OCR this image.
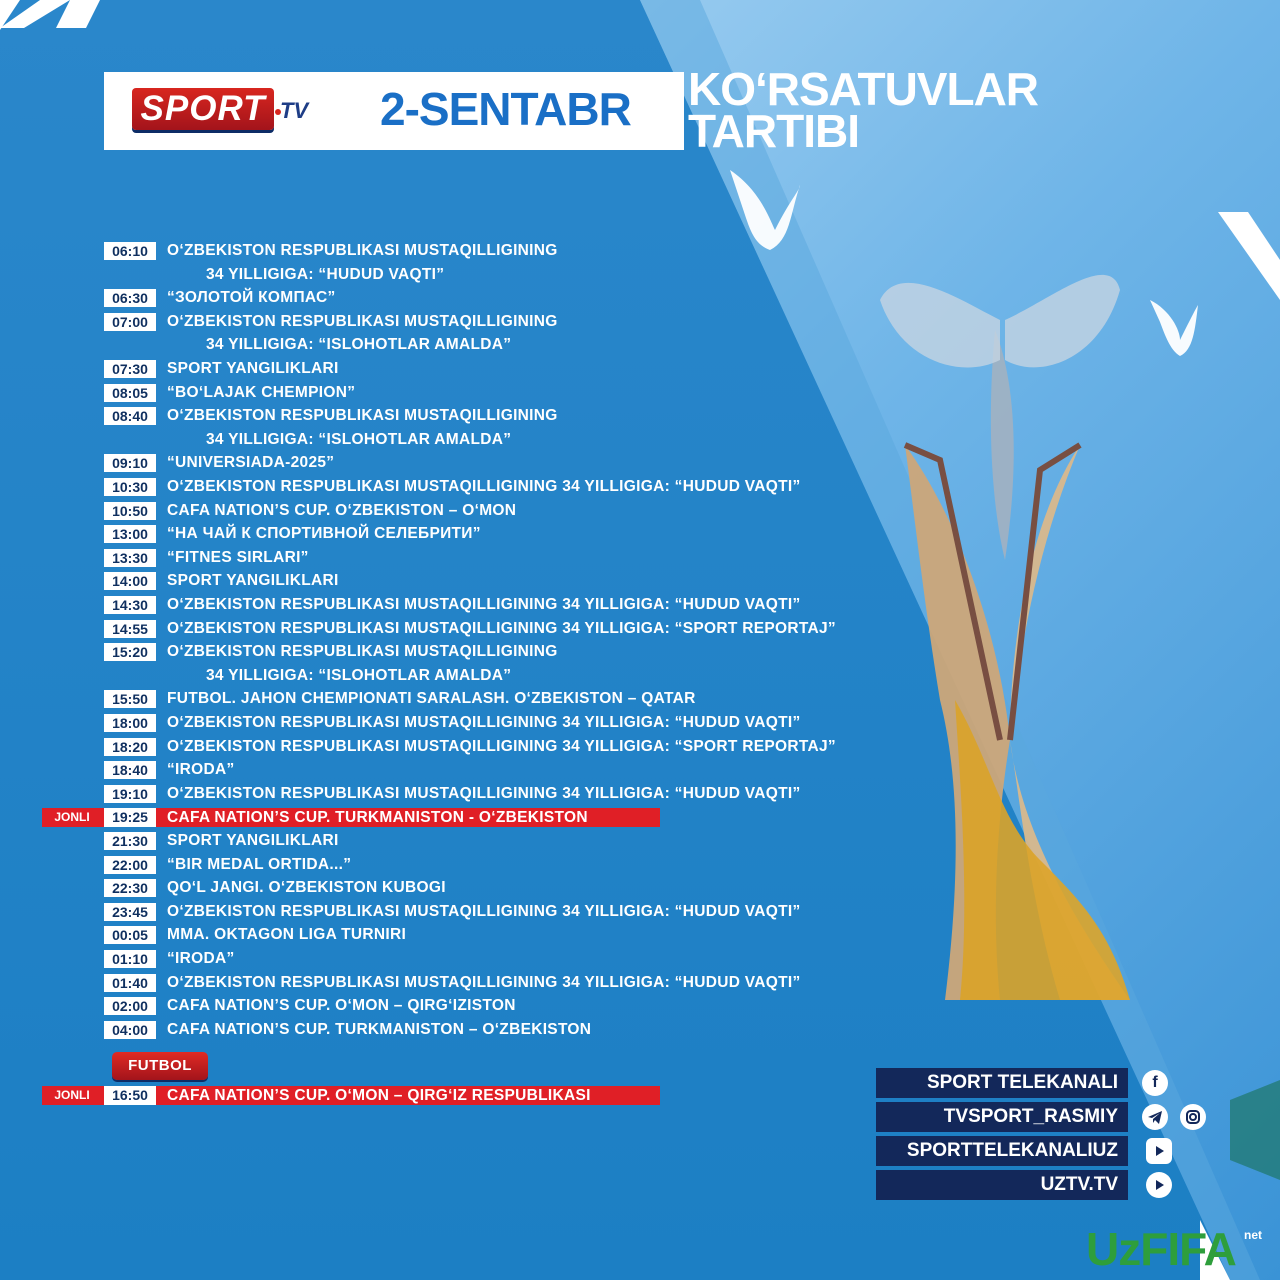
SPORT TV 2-SENTABR KO‘RSATUVLAR
TARTIBI
06:10	O‘ZBEKISTON RESPUBLIKASI MUSTAQILLIGINING
34 YILLIGIGA: “HUDUD VAQTI”
06:30	“ЗОЛОТОЙ КОМПАС”
07:00	O‘ZBEKISTON RESPUBLIKASI MUSTAQILLIGINING
34 YILLIGIGA: “ISLOHOTLAR AMALDA”
07:30	SPORT YANGILIKLARI
08:05	“BO‘LAJAK CHEMPION”
08:40	O‘ZBEKISTON RESPUBLIKASI MUSTAQILLIGINING
34 YILLIGIGA: “ISLOHOTLAR AMALDA”
09:10	“UNIVERSIADA-2025”
10:30	O‘ZBEKISTON RESPUBLIKASI MUSTAQILLIGINING 34 YILLIGIGA: “HUDUD VAQTI”
10:50	CAFA NATION’S CUP. O‘ZBEKISTON – O‘MON
13:00	“НА ЧАЙ К СПОРТИВНОЙ СЕЛЕБРИТИ”
13:30	“FITNES SIRLARI”
14:00	SPORT YANGILIKLARI
14:30	O‘ZBEKISTON RESPUBLIKASI MUSTAQILLIGINING 34 YILLIGIGA: “HUDUD VAQTI”
14:55	O‘ZBEKISTON RESPUBLIKASI MUSTAQILLIGINING 34 YILLIGIGA: “SPORT REPORTAJ”
15:20	O‘ZBEKISTON RESPUBLIKASI MUSTAQILLIGINING
34 YILLIGIGA: “ISLOHOTLAR AMALDA”
15:50	FUTBOL. JAHON CHEMPIONATI SARALASH. O‘ZBEKISTON – QATAR
18:00	O‘ZBEKISTON RESPUBLIKASI MUSTAQILLIGINING 34 YILLIGIGA: “HUDUD VAQTI”
18:20	O‘ZBEKISTON RESPUBLIKASI MUSTAQILLIGINING 34 YILLIGIGA: “SPORT REPORTAJ”
18:40	“IRODA”
19:10	O‘ZBEKISTON RESPUBLIKASI MUSTAQILLIGINING 34 YILLIGIGA: “HUDUD VAQTI”
JONLI	19:25	CAFA NATION’S CUP. TURKMANISTON - O‘ZBEKISTON
21:30	SPORT YANGILIKLARI
22:00	“BIR MEDAL ORTIDA...”
22:30	QO‘L JANGI. O‘ZBEKISTON KUBOGI
23:45	O‘ZBEKISTON RESPUBLIKASI MUSTAQILLIGINING 34 YILLIGIGA: “HUDUD VAQTI”
00:05	MMA. OKTAGON LIGA TURNIRI
01:10	“IRODA”
01:40	O‘ZBEKISTON RESPUBLIKASI MUSTAQILLIGINING 34 YILLIGIGA: “HUDUD VAQTI”
02:00	CAFA NATION’S CUP. O‘MON – QIRG‘IZISTON
04:00	CAFA NATION’S CUP. TURKMANISTON – O‘ZBEKISTON
FUTBOL
JONLI	16:50	CAFA NATION’S CUP. O‘MON – QIRG‘IZ RESPUBLIKASI
SPORT TELEKANALI	f
TVSPORT_RASMIY
SPORTTELEKANALIUZ
UZTV.TV
UzFIFA net
